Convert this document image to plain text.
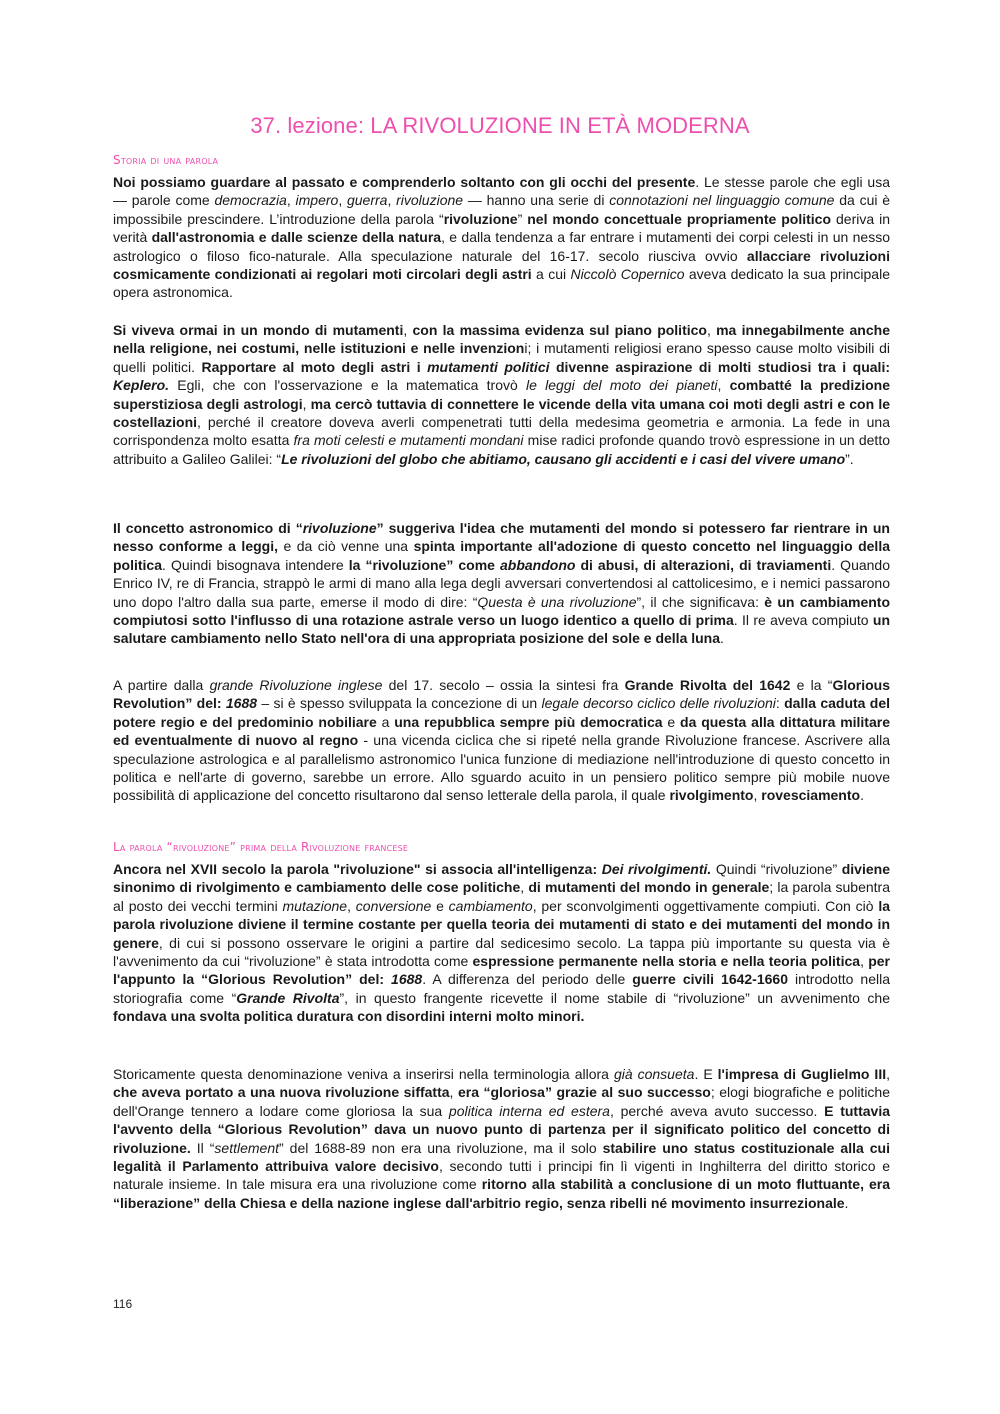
37. lezione: LA RIVOLUZIONE IN ETÀ MODERNA
Storia di una parola
Noi possiamo guardare al passato e comprenderlo soltanto con gli occhi del presente. Le stesse parole che egli usa — parole come democrazia, impero, guerra, rivoluzione — hanno una serie di connotazioni nel linguaggio comune da cui è impossibile prescindere. L’introduzione della parola “rivoluzione” nel mondo concettuale propriamente politico deriva in verità dall'astronomia e dalle scienze della natura, e dalla tendenza a far entrare i mutamenti dei corpi celesti in un nesso astrologico o filoso fico-naturale. Alla speculazione naturale del 16-17. secolo riusciva ovvio allacciare rivoluzioni cosmicamente condizionati ai regolari moti circolari degli astri a cui Niccolò Copernico aveva dedicato la sua principale opera astronomica.
Si viveva ormai in un mondo di mutamenti, con la massima evidenza sul piano politico, ma innegabilmente anche nella religione, nei costumi, nelle istituzioni e nelle invenzioni; i mutamenti religiosi erano spesso cause molto visibili di quelli politici. Rapportare al moto degli astri i mutamenti politici divenne aspirazione di molti studiosi tra i quali: Keplero. Egli, che con l'osservazione e la matematica trovò le leggi del moto dei pianeti, combatté la predizione superstiziosa degli astrologi, ma cercò tuttavia di connettere le vicende della vita umana coi moti degli astri e con le costellazioni, perché il creatore doveva averli compenetrati tutti della medesima geometria e armonia. La fede in una corrispondenza molto esatta fra moti celesti e mutamenti mondani mise radici profonde quando trovò espressione in un detto attribuito a Galileo Galilei: “Le rivoluzioni del globo che abitiamo, causano gli accidenti e i casi del vivere umano”.
Il concetto astronomico di “rivoluzione” suggeriva l'idea che mutamenti del mondo si potessero far rientrare in un nesso conforme a leggi, e da ciò venne una spinta importante all'adozione di questo concetto nel linguaggio della politica. Quindi bisognava intendere la “rivoluzione” come abbandono di abusi, di alterazioni, di traviamenti. Quando Enrico IV, re di Francia, strappò le armi di mano alla lega degli avversari convertendosi al cattolicesimo, e i nemici passarono uno dopo l'altro dalla sua parte, emerse il modo di dire: “Questa è una rivoluzione”, il che significava: è un cambiamento compiutosi sotto l'influsso di una rotazione astrale verso un luogo identico a quello di prima. Il re aveva compiuto un salutare cambiamento nello Stato nell'ora di una appropriata posizione del sole e della luna.
A partire dalla grande Rivoluzione inglese del 17. secolo – ossia la sintesi fra Grande Rivolta del 1642 e la “Glorious Revolution” del: 1688 – si è spesso sviluppata la concezione di un legale decorso ciclico delle rivoluzioni: dalla caduta del potere regio e del predominio nobiliare a una repubblica sempre più democratica e da questa alla dittatura militare ed eventualmente di nuovo al regno - una vicenda ciclica che si ripeté nella grande Rivoluzione francese. Ascrivere alla speculazione astrologica e al parallelismo astronomico l'unica funzione di mediazione nell'introduzione di questo concetto in politica e nell'arte di governo, sarebbe un errore. Allo sguardo acuito in un pensiero politico sempre più mobile nuove possibilità di applicazione del concetto risultarono dal senso letterale della parola, il quale rivolgimento, rovesciamento.
La parola “rivoluzione” prima della Rivoluzione francese
Ancora nel XVII secolo la parola "rivoluzione" si associa all'intelligenza: Dei rivolgimenti. Quindi “rivoluzione” diviene sinonimo di rivolgimento e cambiamento delle cose politiche, di mutamenti del mondo in generale; la parola subentra al posto dei vecchi termini mutazione, conversione e cambiamento, per sconvolgimenti oggettivamente compiuti. Con ciò la parola rivoluzione diviene il termine costante per quella teoria dei mutamenti di stato e dei mutamenti del mondo in genere, di cui si possono osservare le origini a partire dal sedicesimo secolo. La tappa più importante su questa via è l'avvenimento da cui “rivoluzione” è stata introdotta come espressione permanente nella storia e nella teoria politica, per l'appunto la “Glorious Revolution” del: 1688. A differenza del periodo delle guerre civili 1642-1660 introdotto nella storiografia come “Grande Rivolta”, in questo frangente ricevette il nome stabile di “rivoluzione” un avvenimento che fondava una svolta politica duratura con disordini interni molto minori.
Storicamente questa denominazione veniva a inserirsi nella terminologia allora già consueta. E l'impresa di Guglielmo III, che aveva portato a una nuova rivoluzione siffatta, era “gloriosa” grazie al suo successo; elogi biografiche e politiche dell'Orange tennero a lodare come gloriosa la sua politica interna ed estera, perché aveva avuto successo. E tuttavia l'avvento della “Glorious Revolution” dava un nuovo punto di partenza per il significato politico del concetto di rivoluzione. Il “settlement” del 1688-89 non era una rivoluzione, ma il solo stabilire uno status costituzionale alla cui legalità il Parlamento attribuiva valore decisivo, secondo tutti i principi fin lì vigenti in Inghilterra del diritto storico e naturale insieme. In tale misura era una rivoluzione come ritorno alla stabilità a conclusione di un moto fluttuante, era “liberazione” della Chiesa e della nazione inglese dall'arbitrio regio, senza ribelli né movimento insurrezionale.
116
